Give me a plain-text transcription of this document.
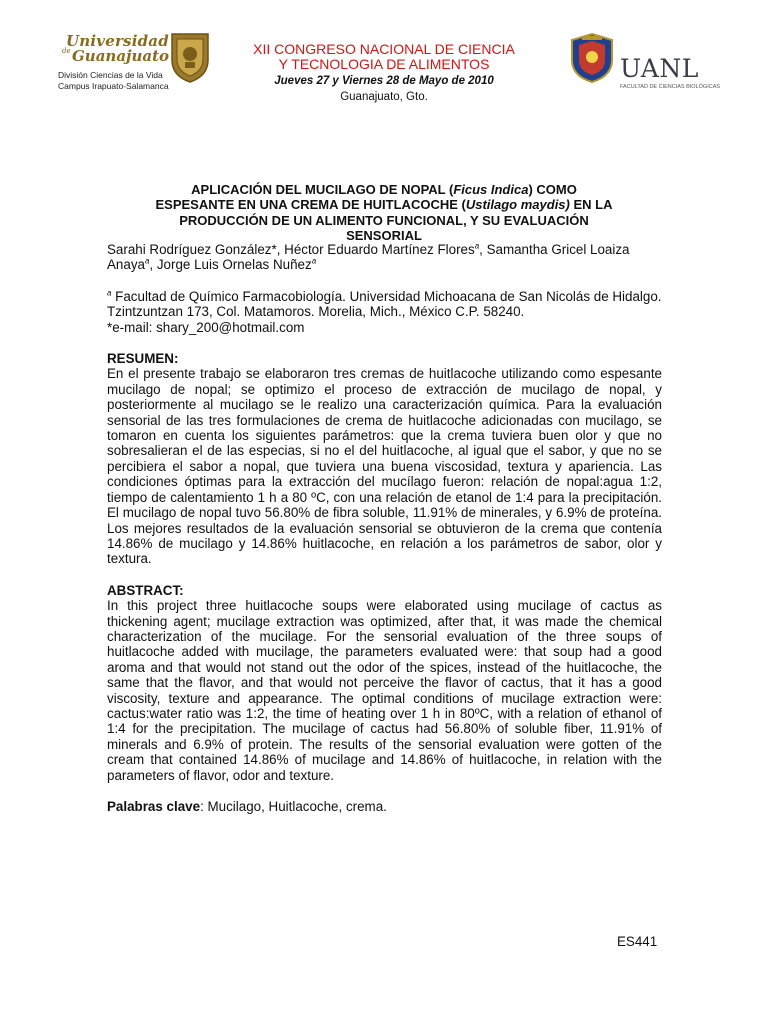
Universidad
de Guanajuato
División Ciencias de la Vida
Campus Irapuato-Salamanca
XII CONGRESO NACIONAL DE CIENCIA
Y TECNOLOGIA DE ALIMENTOS
Jueves 27 y Viernes 28 de Mayo de 2010
Guanajuato, Gto.
UANL
FACULTAD DE CIENCIAS BIOLÓGICAS
APLICACIÓN DEL MUCILAGO DE NOPAL (Ficus Indica) COMO ESPESANTE EN UNA CREMA DE HUITLACOCHE (Ustilago maydis) EN LA PRODUCCIÓN DE UN ALIMENTO FUNCIONAL, Y SU EVALUACIÓN SENSORIAL

Sarahi Rodríguez González*, Héctor Eduardo Martínez Flores$^a$, Samantha Gricel Loaiza Anaya$^a$, Jorge Luis Ornelas Nuñez$^a$

$^a$ Facultad de Químico Farmacobiología. Universidad Michoacana de San Nicolás de Hidalgo. Tzintzuntzan 173, Col. Matamoros. Morelia, Mich., México C.P. 58240.

*e-mail: shary_200@hotmail.com

RESUMEN:

En el presente trabajo se elaboraron tres cremas de huitlacoche utilizando como espesante mucilago de nopal; se optimizo el proceso de extracción de mucilago de nopal, y posteriormente al mucilago se le realizo una caracterización química. Para la evaluación sensorial de las tres formulaciones de crema de huitlacoche adicionadas con mucilago, se tomaron en cuenta los siguientes parámetros: que la crema tuviera buen olor y que no sobresalieran el de las especias, si no el del huitlacoche, al igual que el sabor, y que no se percibiera el sabor a nopal, que tuviera una buena viscosidad, textura y apariencia. Las condiciones óptimas para la extracción del mucílago fueron: relación de nopal:agua 1:2, tiempo de calentamiento 1 h a 80 ºC, con una relación de etanol de 1:4 para la precipitación. El mucilago de nopal tuvo 56.80% de fibra soluble, 11.91% de minerales, y 6.9% de proteína. Los mejores resultados de la evaluación sensorial se obtuvieron de la crema que contenía 14.86% de mucilago y 14.86% huitlacoche, en relación a los parámetros de sabor, olor y textura.

ABSTRACT:

In this project three huitlacoche soups were elaborated using mucilage of cactus as thickening agent; mucilage extraction was optimized, after that, it was made the chemical characterization of the mucilage. For the sensorial evaluation of the three soups of huitlacoche added with mucilage, the parameters evaluated were: that soup had a good aroma and that would not stand out the odor of the spices, instead of the huitlacoche, the same that the flavor, and that would not perceive the flavor of cactus, that it has a good viscosity, texture and appearance. The optimal conditions of mucilage extraction were: cactus:water ratio was 1:2, the time of heating over 1 h in 80ºC, with a relation of ethanol of 1:4 for the precipitation. The mucilage of cactus had 56.80% of soluble fiber, 11.91% of minerals and 6.9% of protein. The results of the sensorial evaluation were gotten of the cream that contained 14.86% of mucilage and 14.86% of huitlacoche, in relation with the parameters of flavor, odor and texture.

Palabras clave: Mucilago, Huitlacoche, crema.

ES441
